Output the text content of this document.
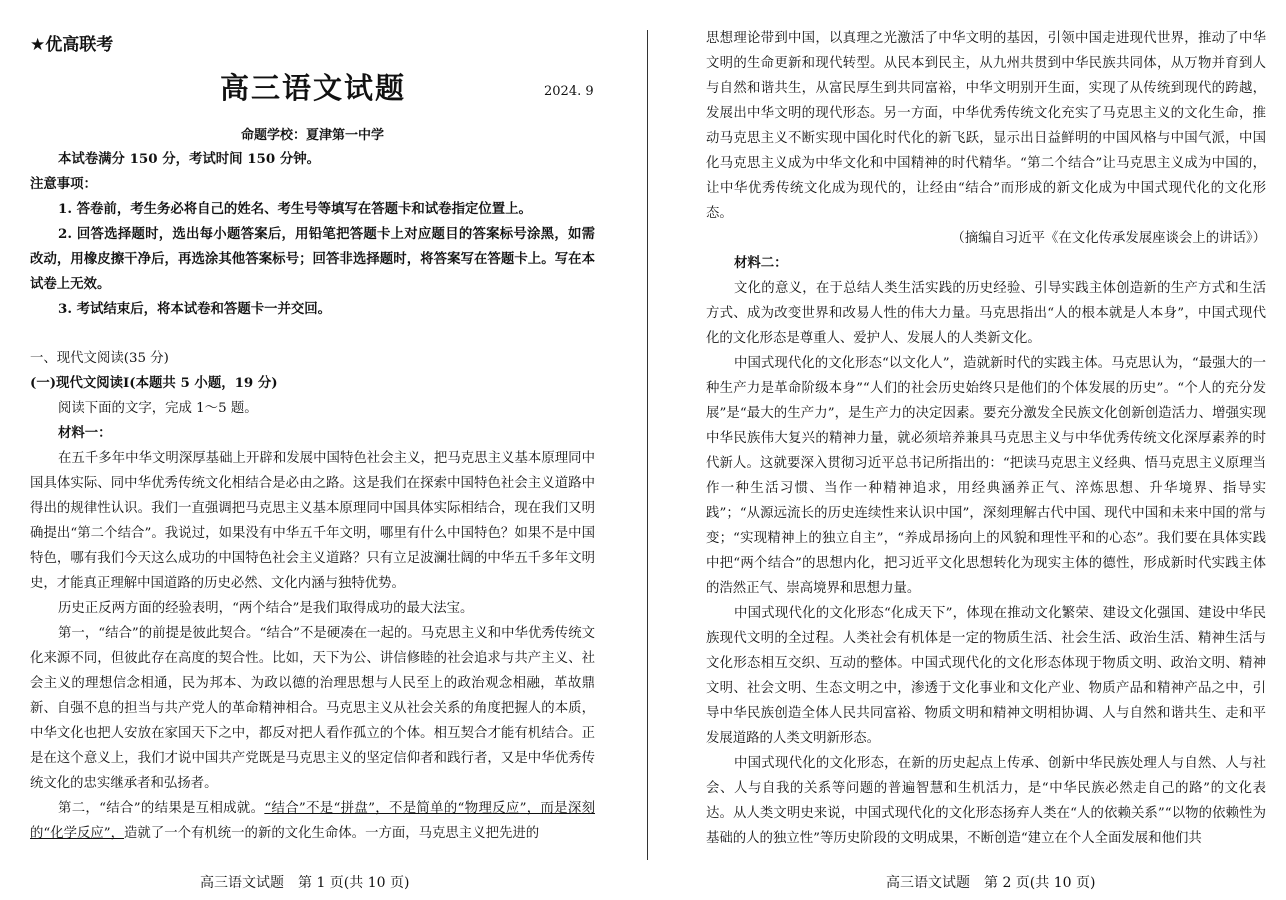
★优高联考
高三语文试题	2024. 9
命题学校：夏津第一中学

本试卷满分 150 分，考试时间 150 分钟。

注意事项：

1. 答卷前，考生务必将自己的姓名、考生号等填写在答题卡和试卷指定位置上。

2. 回答选择题时，选出每小题答案后，用铅笔把答题卡上对应题目的答案标号涂黑，如需改动，用橡皮擦干净后，再选涂其他答案标号；回答非选择题时，将答案写在答题卡上。写在本试卷上无效。

3. 考试结束后，将本试卷和答题卡一并交回。

一、现代文阅读(35 分)

(一)现代文阅读Ⅰ(本题共 5 小题，19 分)

阅读下面的文字，完成 1～5 题。

材料一：

在五千多年中华文明深厚基础上开辟和发展中国特色社会主义，把马克思主义基本原理同中国具体实际、同中华优秀传统文化相结合是必由之路。这是我们在探索中国特色社会主义道路中得出的规律性认识。我们一直强调把马克思主义基本原理同中国具体实际相结合，现在我们又明确提出“第二个结合”。我说过，如果没有中华五千年文明，哪里有什么中国特色？如果不是中国特色，哪有我们今天这么成功的中国特色社会主义道路？只有立足波澜壮阔的中华五千多年文明史，才能真正理解中国道路的历史必然、文化内涵与独特优势。

历史正反两方面的经验表明，“两个结合”是我们取得成功的最大法宝。

第一，“结合”的前提是彼此契合。“结合”不是硬凑在一起的。马克思主义和中华优秀传统文化来源不同，但彼此存在高度的契合性。比如，天下为公、讲信修睦的社会追求与共产主义、社会主义的理想信念相通，民为邦本、为政以德的治理思想与人民至上的政治观念相融，革故鼎新、自强不息的担当与共产党人的革命精神相合。马克思主义从社会关系的角度把握人的本质，中华文化也把人安放在家国天下之中，都反对把人看作孤立的个体。相互契合才能有机结合。正是在这个意义上，我们才说中国共产党既是马克思主义的坚定信仰者和践行者，又是中华优秀传统文化的忠实继承者和弘扬者。

第二，“结合”的结果是互相成就。“结合”不是“拼盘”，不是简单的“物理反应”，而是深刻的“化学反应”，造就了一个有机统一的新的文化生命体。一方面，马克思主义把先进的

高三语文试题　第 1 页(共 10 页)

思想理论带到中国，以真理之光激活了中华文明的基因，引领中国走进现代世界，推动了中华文明的生命更新和现代转型。从民本到民主，从九州共贯到中华民族共同体，从万物并育到人与自然和谐共生，从富民厚生到共同富裕，中华文明别开生面，实现了从传统到现代的跨越，发展出中华文明的现代形态。另一方面，中华优秀传统文化充实了马克思主义的文化生命，推动马克思主义不断实现中国化时代化的新飞跃，显示出日益鲜明的中国风格与中国气派，中国化马克思主义成为中华文化和中国精神的时代精华。“第二个结合”让马克思主义成为中国的，让中华优秀传统文化成为现代的，让经由“结合”而形成的新文化成为中国式现代化的文化形态。

（摘编自习近平《在文化传承发展座谈会上的讲话》）

材料二：

文化的意义，在于总结人类生活实践的历史经验、引导实践主体创造新的生产方式和生活方式、成为改变世界和改易人性的伟大力量。马克思指出“人的根本就是人本身”，中国式现代化的文化形态是尊重人、爱护人、发展人的人类新文化。

中国式现代化的文化形态“以文化人”，造就新时代的实践主体。马克思认为，“最强大的一种生产力是革命阶级本身”“人们的社会历史始终只是他们的个体发展的历史”。“个人的充分发展”是“最大的生产力”，是生产力的决定因素。要充分激发全民族文化创新创造活力、增强实现中华民族伟大复兴的精神力量，就必须培养兼具马克思主义与中华优秀传统文化深厚素养的时代新人。这就要深入贯彻习近平总书记所指出的：“把读马克思主义经典、悟马克思主义原理当作一种生活习惯、当作一种精神追求，用经典涵养正气、淬炼思想、升华境界、指导实践”；“从源远流长的历史连续性来认识中国”，深刻理解古代中国、现代中国和未来中国的常与变；“实现精神上的独立自主”，“养成昂扬向上的风貌和理性平和的心态”。我们要在具体实践中把“两个结合”的思想内化，把习近平文化思想转化为现实主体的德性，形成新时代实践主体的浩然正气、崇高境界和思想力量。

中国式现代化的文化形态“化成天下”，体现在推动文化繁荣、建设文化强国、建设中华民族现代文明的全过程。人类社会有机体是一定的物质生活、社会生活、政治生活、精神生活与文化形态相互交织、互动的整体。中国式现代化的文化形态体现于物质文明、政治文明、精神文明、社会文明、生态文明之中，渗透于文化事业和文化产业、物质产品和精神产品之中，引导中华民族创造全体人民共同富裕、物质文明和精神文明相协调、人与自然和谐共生、走和平发展道路的人类文明新形态。

中国式现代化的文化形态，在新的历史起点上传承、创新中华民族处理人与自然、人与社会、人与自我的关系等问题的普遍智慧和生机活力，是“中华民族必然走自己的路”的文化表达。从人类文明史来说，中国式现代化的文化形态扬弃人类在“人的依赖关系”“以物的依赖性为基础的人的独立性”等历史阶段的文明成果，不断创造“建立在个人全面发展和他们共

高三语文试题　第 2 页(共 10 页)
